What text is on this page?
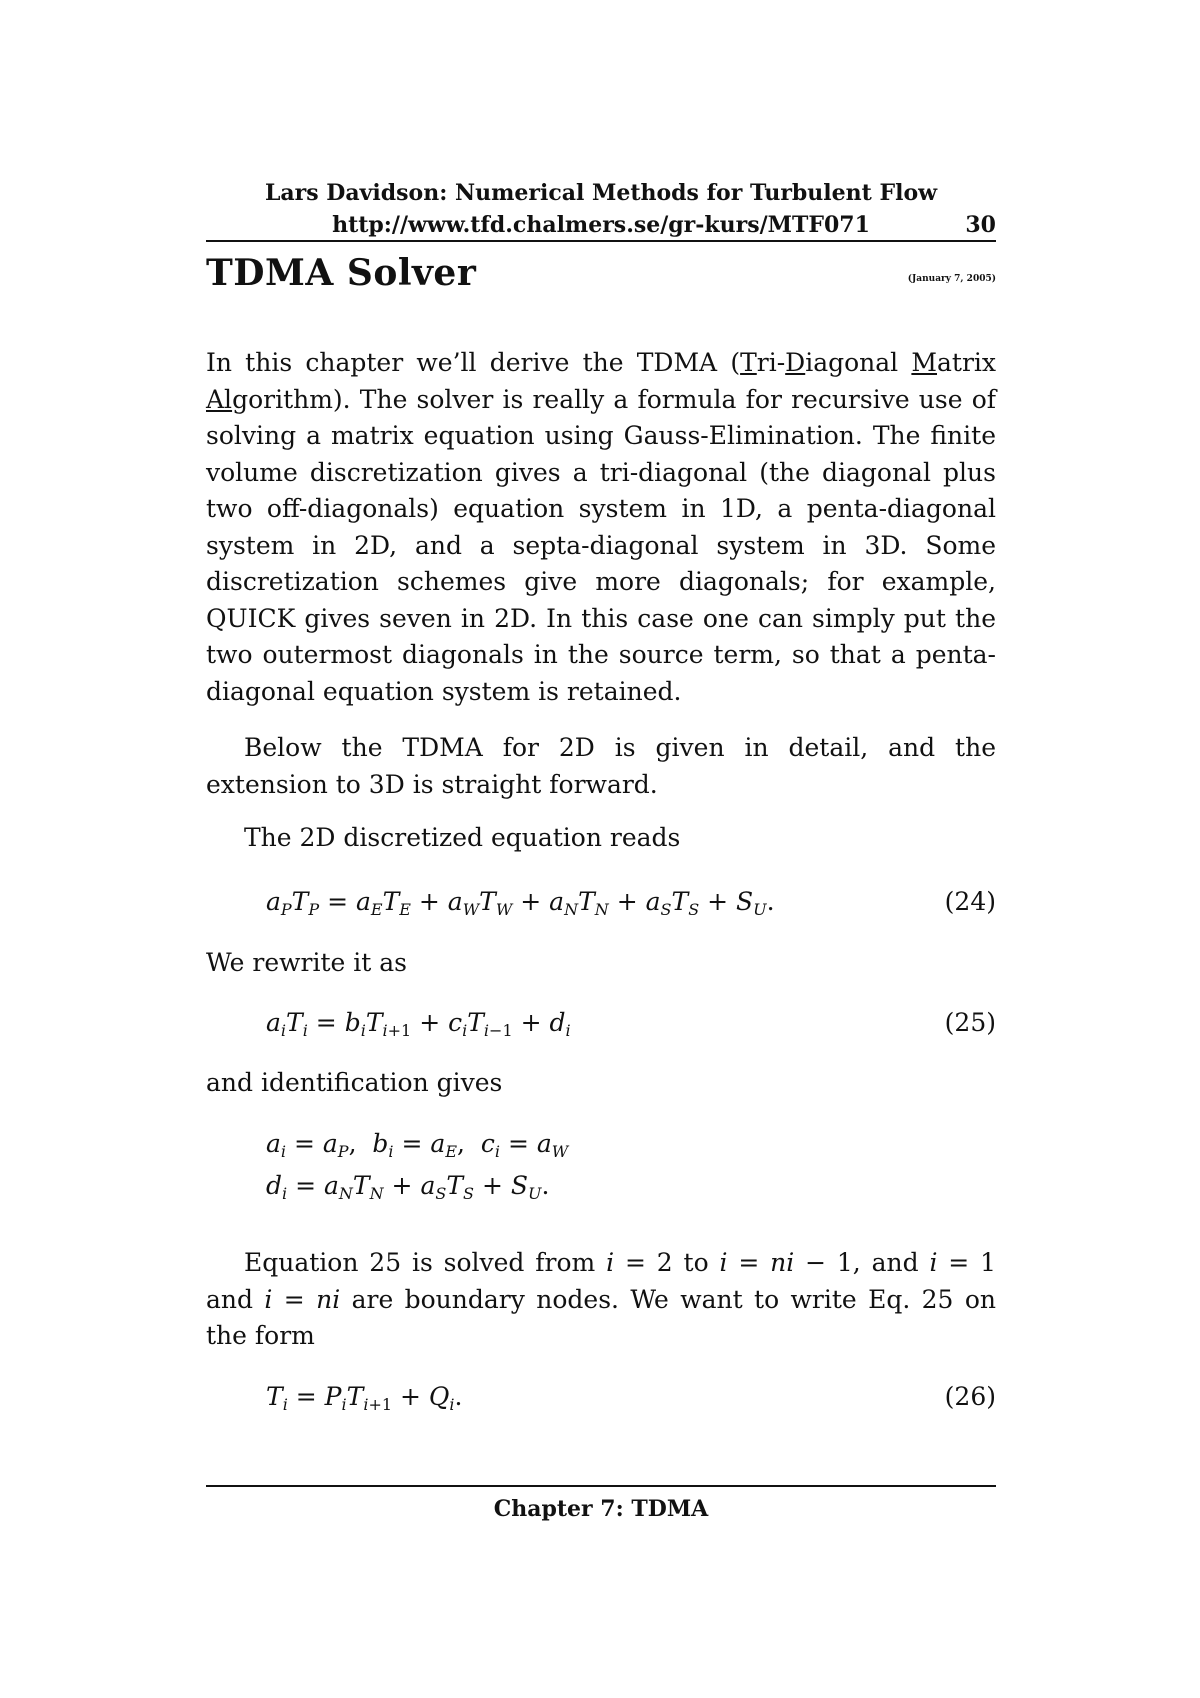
Lars Davidson: Numerical Methods for Turbulent Flow
http://www.tfd.chalmers.se/gr-kurs/MTF071	30
TDMA Solver	(January 7, 2005)
In this chapter we’ll derive the TDMA (Tri-Diagonal Matrix Algorithm). The solver is really a formula for recursive use of solving a matrix equation using Gauss-Elimination. The finite volume discretization gives a tri-diagonal (the diagonal plus two off-diagonals) equation system in 1D, a penta-diagonal system in 2D, and a septa-diagonal system in 3D. Some discretization schemes give more diagonals; for example, QUICK gives seven in 2D. In this case one can simply put the two outermost diagonals in the source term, so that a penta-diagonal equation system is retained.
Below the TDMA for 2D is given in detail, and the extension to 3D is straight forward.
The 2D discretized equation reads
$a_PT_P = a_ET_E + a_WT_W + a_NT_N + a_ST_S + S_U$.	(24)
We rewrite it as
$a_iT_i = b_iT_{i+1} + c_iT_{i-1} + d_i$	(25)
and identification gives
$a_i = a_P$,  $b_i = a_E$,  $c_i = a_W$
$d_i = a_NT_N + a_ST_S + S_U$.
Equation 25 is solved from i = 2 to i = ni − 1, and i = 1 and i = ni are boundary nodes. We want to write Eq. 25 on the form
$T_i = P_iT_{i+1} + Q_i$.	(26)
Chapter 7: TDMA
